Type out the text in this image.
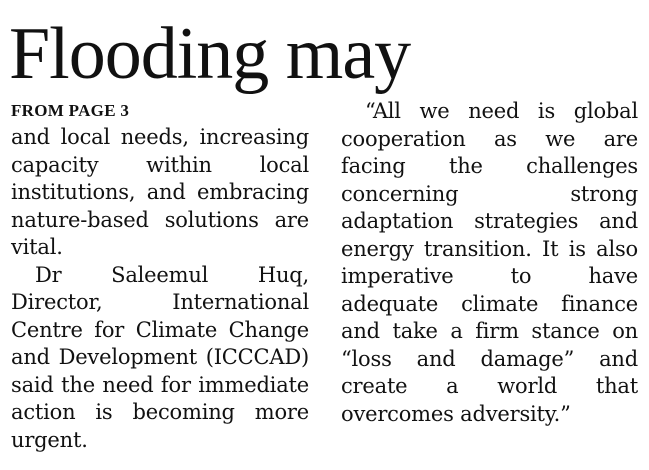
Flooding may
FROM PAGE 3

and local needs, increasing capacity within local institutions, and embracing nature-based solutions are vital.

Dr Saleemul Huq, Director, International Centre for Climate Change and Development (ICCCAD) said the need for immediate action is becoming more urgent.

“All we need is global cooperation as we are facing the challenges concerning strong adaptation strategies and energy transition. It is also imperative to have adequate climate finance and take a firm stance on “loss and damage” and create a world that overcomes adversity.”
